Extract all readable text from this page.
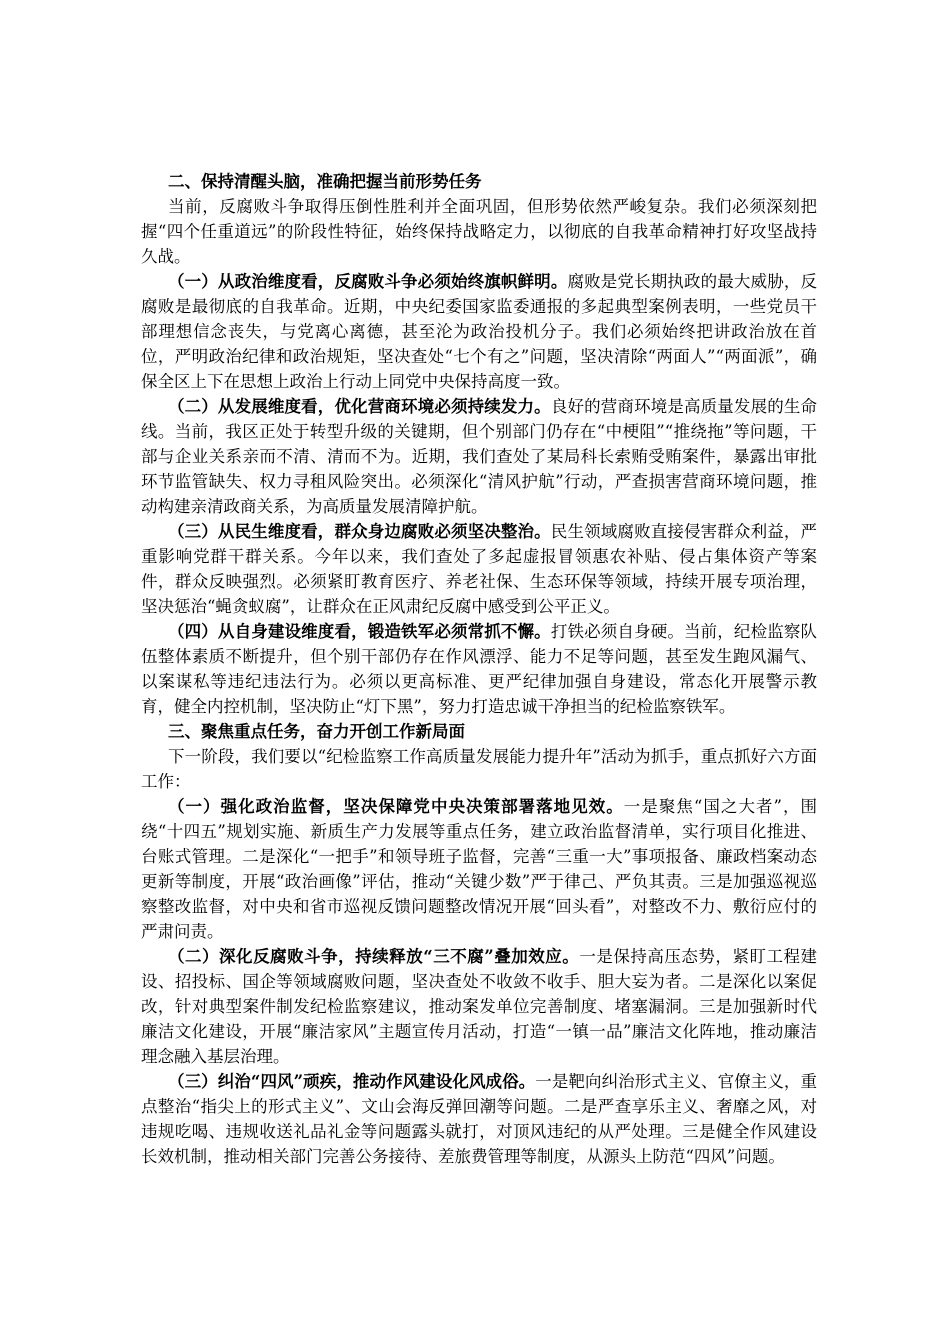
二、保持清醒头脑，准确把握当前形势任务

当前，反腐败斗争取得压倒性胜利并全面巩固，但形势依然严峻复杂。我们必须深刻把握“四个任重道远”的阶段性特征，始终保持战略定力，以彻底的自我革命精神打好攻坚战持久战。

（一）从政治维度看，反腐败斗争必须始终旗帜鲜明。腐败是党长期执政的最大威胁，反腐败是最彻底的自我革命。近期，中央纪委国家监委通报的多起典型案例表明，一些党员干部理想信念丧失，与党离心离德，甚至沦为政治投机分子。我们必须始终把讲政治放在首位，严明政治纪律和政治规矩，坚决查处“七个有之”问题，坚决清除“两面人”“两面派”，确保全区上下在思想上政治上行动上同党中央保持高度一致。

（二）从发展维度看，优化营商环境必须持续发力。良好的营商环境是高质量发展的生命线。当前，我区正处于转型升级的关键期，但个别部门仍存在“中梗阻”“推绕拖”等问题，干部与企业关系亲而不清、清而不为。近期，我们查处了某局科长索贿受贿案件，暴露出审批环节监管缺失、权力寻租风险突出。必须深化“清风护航”行动，严查损害营商环境问题，推动构建亲清政商关系，为高质量发展清障护航。

（三）从民生维度看，群众身边腐败必须坚决整治。民生领域腐败直接侵害群众利益，严重影响党群干群关系。今年以来，我们查处了多起虚报冒领惠农补贴、侵占集体资产等案件，群众反映强烈。必须紧盯教育医疗、养老社保、生态环保等领域，持续开展专项治理，坚决惩治“蝇贪蚁腐”，让群众在正风肃纪反腐中感受到公平正义。

（四）从自身建设维度看，锻造铁军必须常抓不懈。打铁必须自身硬。当前，纪检监察队伍整体素质不断提升，但个别干部仍存在作风漂浮、能力不足等问题，甚至发生跑风漏气、以案谋私等违纪违法行为。必须以更高标准、更严纪律加强自身建设，常态化开展警示教育，健全内控机制，坚决防止“灯下黑”，努力打造忠诚干净担当的纪检监察铁军。

三、聚焦重点任务，奋力开创工作新局面

下一阶段，我们要以“纪检监察工作高质量发展能力提升年”活动为抓手，重点抓好六方面工作：

（一）强化政治监督，坚决保障党中央决策部署落地见效。一是聚焦“国之大者”，围绕“十四五”规划实施、新质生产力发展等重点任务，建立政治监督清单，实行项目化推进、台账式管理。二是深化“一把手”和领导班子监督，完善“三重一大”事项报备、廉政档案动态更新等制度，开展“政治画像”评估，推动“关键少数”严于律己、严负其责。三是加强巡视巡察整改监督，对中央和省市巡视反馈问题整改情况开展“回头看”，对整改不力、敷衍应付的严肃问责。

（二）深化反腐败斗争，持续释放“三不腐”叠加效应。一是保持高压态势，紧盯工程建设、招投标、国企等领域腐败问题，坚决查处不收敛不收手、胆大妄为者。二是深化以案促改，针对典型案件制发纪检监察建议，推动案发单位完善制度、堵塞漏洞。三是加强新时代廉洁文化建设，开展“廉洁家风”主题宣传月活动，打造“一镇一品”廉洁文化阵地，推动廉洁理念融入基层治理。

（三）纠治“四风”顽疾，推动作风建设化风成俗。一是靶向纠治形式主义、官僚主义，重点整治“指尖上的形式主义”、文山会海反弹回潮等问题。二是严查享乐主义、奢靡之风，对违规吃喝、违规收送礼品礼金等问题露头就打，对顶风违纪的从严处理。三是健全作风建设长效机制，推动相关部门完善公务接待、差旅费管理等制度，从源头上防范“四风”问题。
